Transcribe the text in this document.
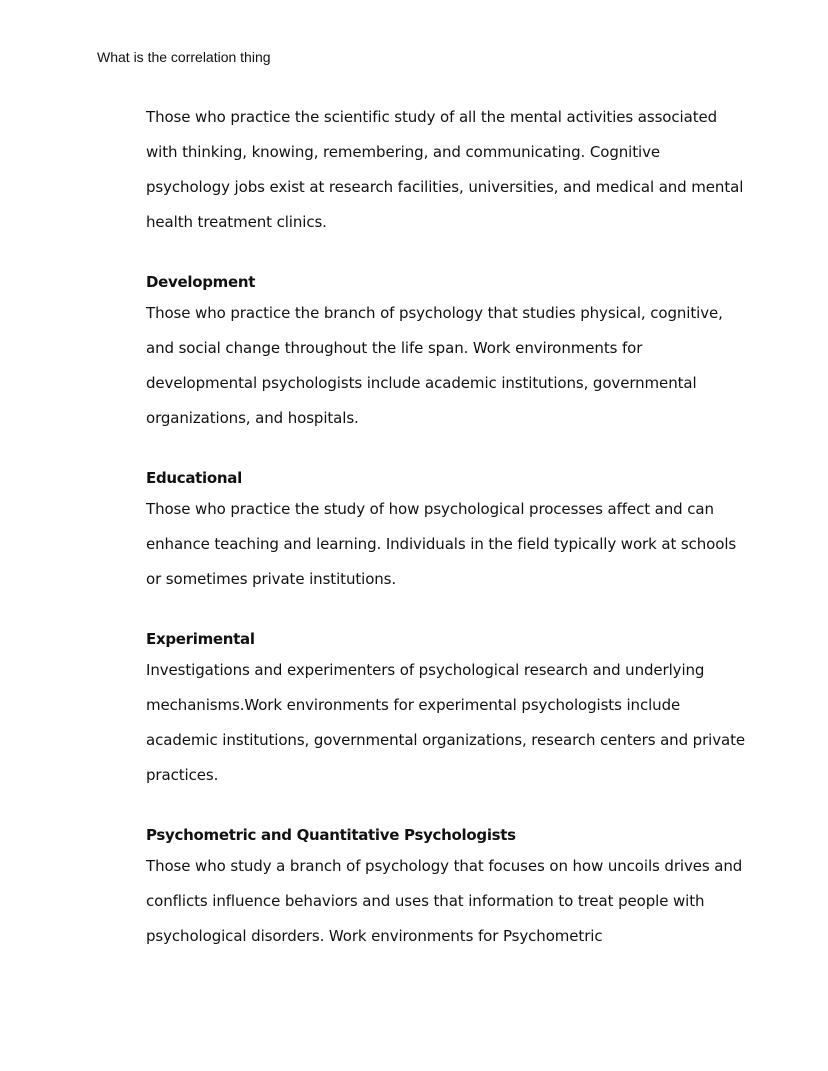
What is the correlation thing

Those who practice the scientific study of all the mental activities associated with thinking, knowing, remembering, and communicating. Cognitive psychology jobs exist at research facilities, universities, and medical and mental health treatment clinics.

Development

Those who practice the branch of psychology that studies physical, cognitive, and social change throughout the life span. Work environments for developmental psychologists include academic institutions, governmental organizations, and hospitals.

Educational

Those who practice the study of how psychological processes affect and can enhance teaching and learning. Individuals in the field typically work at schools or sometimes private institutions.

Experimental

Investigations and experimenters of psychological research and underlying mechanisms.Work environments for experimental psychologists include academic institutions, governmental organizations, research centers and private practices.

Psychometric and Quantitative Psychologists

Those who study a branch of psychology that focuses on how uncoils drives and conflicts influence behaviors and uses that information to treat people with psychological disorders. Work environments for Psychometric
